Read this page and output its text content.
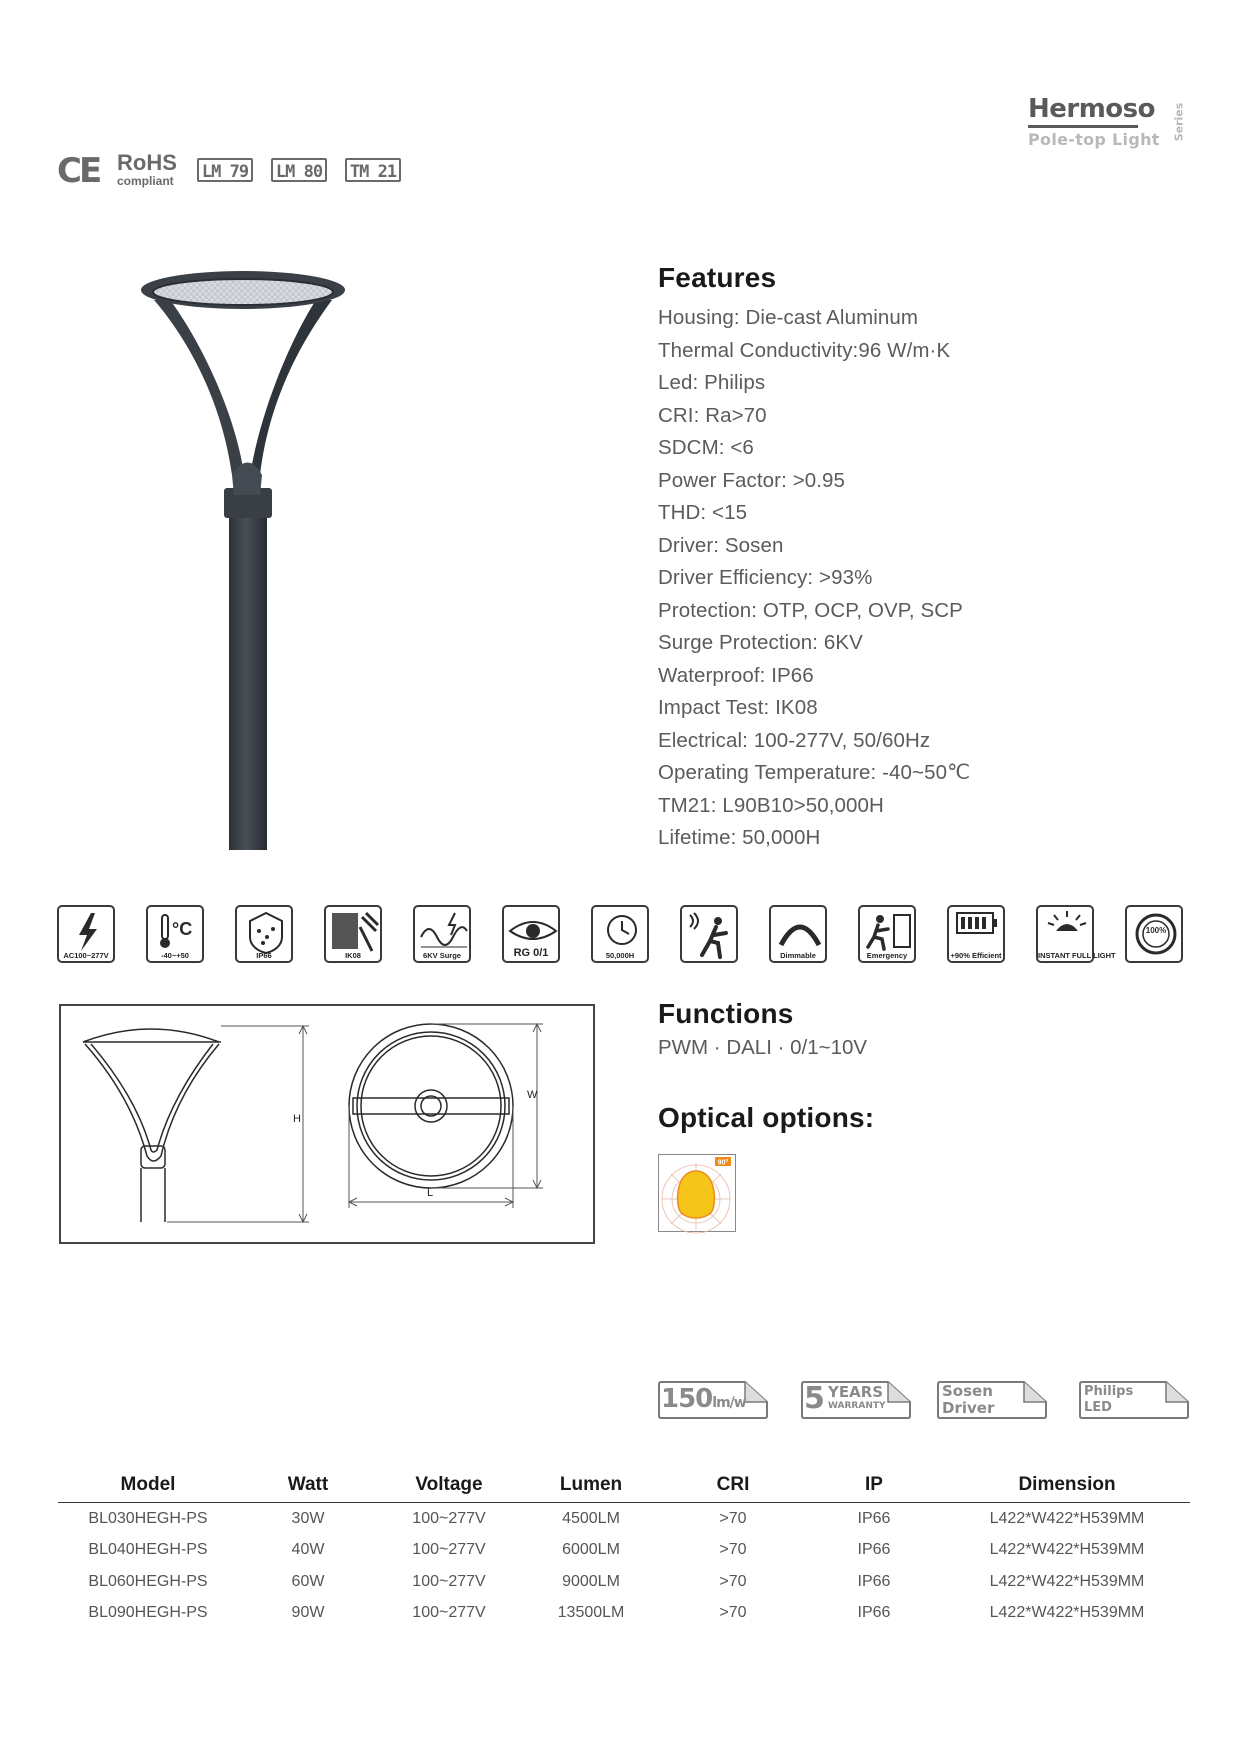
Hermoso
Pole-top Light Series
CE RoHS
compliant LM 79 LM 80 TM 21
Features
Housing: Die-cast Aluminum
Thermal Conductivity:96 W/m·K
Led: Philips
CRI: Ra>70
SDCM: <6
Power Factor: >0.95
THD: <15
Driver: Sosen
Driver Efficiency: >93%
Protection: OTP, OCP, OVP, SCP
Surge Protection: 6KV
Waterproof: IP66
Impact Test: IK08
Electrical: 100-277V, 50/60Hz
Operating Temperature: -40~50℃
TM21: L90B10>50,000H
Lifetime: 50,000H
AC100~277V
°C
-40~+50	IP66	IK08	6KV Surge	RG 0/1	50,000H	Dimmable	Emergency	+90% Efficient	INSTANT FULL LIGHT
100%
H
W
L
Functions
PWM · DALI · 0/1~10V
Optical options:
90°
150lm/w 5 YEARS
WARRANTY
Sosen
Driver
Philips
LED
Model	Watt	Voltage	Lumen	CRI	IP	Dimension
BL030HEGH-PS	30W	100~277V	4500LM	>70	IP66	L422*W422*H539MM
BL040HEGH-PS	40W	100~277V	6000LM	>70	IP66	L422*W422*H539MM
BL060HEGH-PS	60W	100~277V	9000LM	>70	IP66	L422*W422*H539MM
BL090HEGH-PS	90W	100~277V	13500LM	>70	IP66	L422*W422*H539MM
